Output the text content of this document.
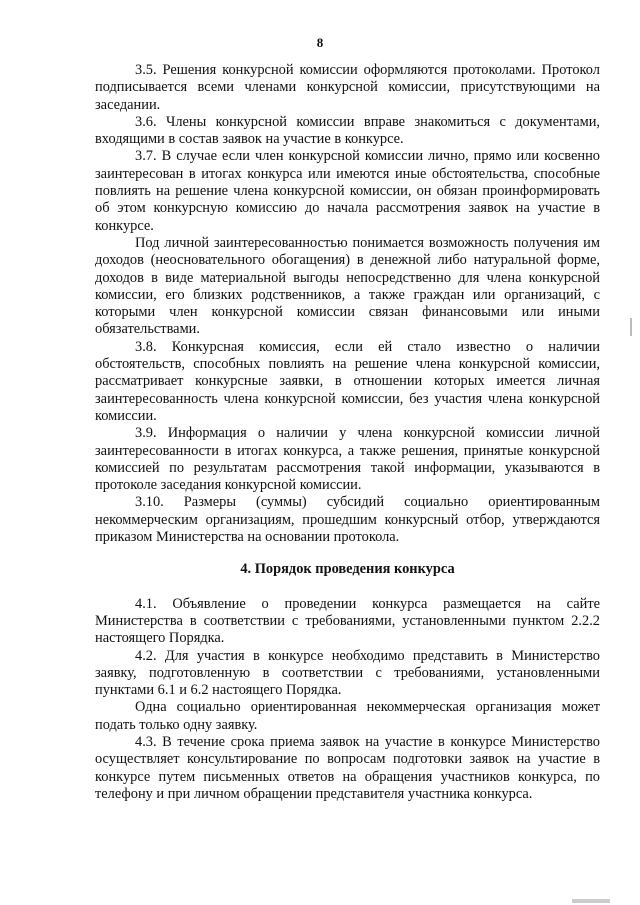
8

3.5. Решения конкурсной комиссии оформляются протоколами. Протокол подписывается всеми членами конкурсной комиссии, присутствующими на заседании.

3.6. Члены конкурсной комиссии вправе знакомиться с документами, входящими в состав заявок на участие в конкурсе.

3.7. В случае если член конкурсной комиссии лично, прямо или косвенно заинтересован в итогах конкурса или имеются иные обстоятельства, способные повлиять на решение члена конкурсной комиссии, он обязан проинформировать об этом конкурсную комиссию до начала рассмотрения заявок на участие в конкурсе.

Под личной заинтересованностью понимается возможность получения им доходов (неосновательного обогащения) в денежной либо натуральной форме, доходов в виде материальной выгоды непосредственно для члена конкурсной комиссии, его близких родственников, а также граждан или организаций, с которыми член конкурсной комиссии связан финансовыми или иными обязательствами.

3.8. Конкурсная комиссия, если ей стало известно о наличии обстоятельств, способных повлиять на решение члена конкурсной комиссии, рассматривает конкурсные заявки, в отношении которых имеется личная заинтересованность члена конкурсной комиссии, без участия члена конкурсной комиссии.

3.9. Информация о наличии у члена конкурсной комиссии личной заинтересованности в итогах конкурса, а также решения, принятые конкурсной комиссией по результатам рассмотрения такой информации, указываются в протоколе заседания конкурсной комиссии.

3.10. Размеры (суммы) субсидий социально ориентированным некоммерческим организациям, прошедшим конкурсный отбор, утверждаются приказом Министерства на основании протокола.

4. Порядок проведения конкурса

4.1. Объявление о проведении конкурса размещается на сайте Министерства в соответствии с требованиями, установленными пунктом 2.2.2 настоящего Порядка.

4.2. Для участия в конкурсе необходимо представить в Министерство заявку, подготовленную в соответствии с требованиями, установленными пунктами 6.1 и 6.2 настоящего Порядка.

Одна социально ориентированная некоммерческая организация может подать только одну заявку.

4.3. В течение срока приема заявок на участие в конкурсе Министерство осуществляет консультирование по вопросам подготовки заявок на участие в конкурсе путем письменных ответов на обращения участников конкурса, по телефону и при личном обращении представителя участника конкурса.
